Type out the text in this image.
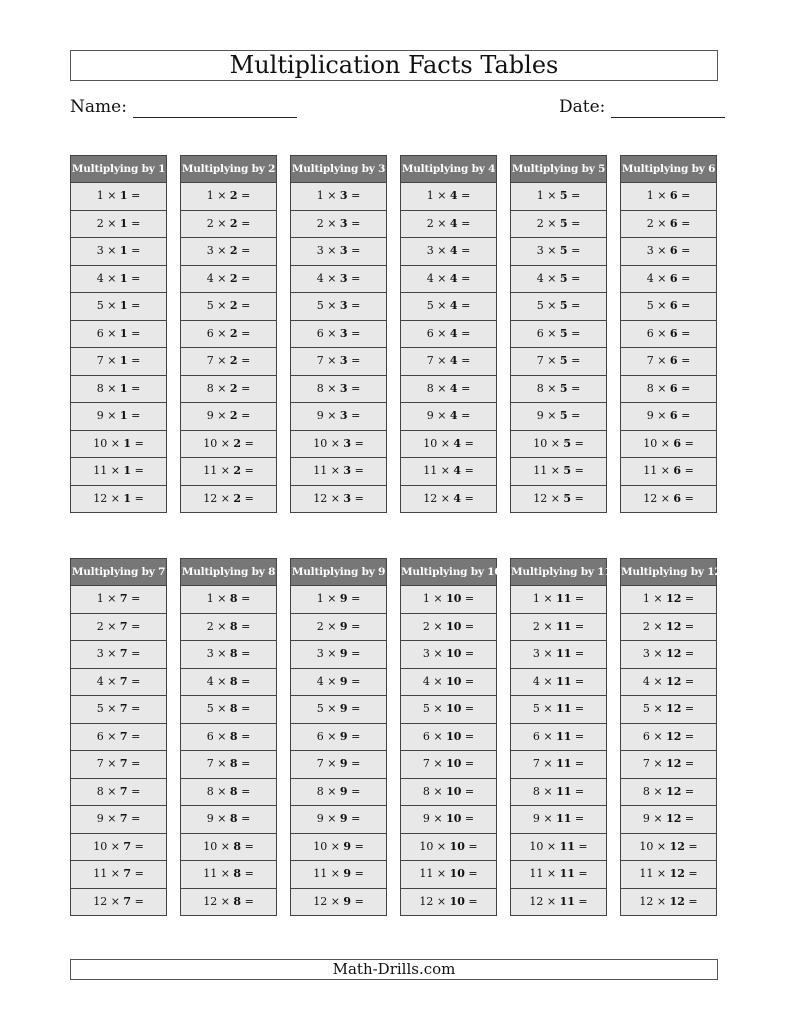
Multiplication Facts Tables
Name:	Date:
Multiplying by 1
1 × 1 =
2 × 1 =
3 × 1 =
4 × 1 =
5 × 1 =
6 × 1 =
7 × 1 =
8 × 1 =
9 × 1 =
10 × 1 =
11 × 1 =
12 × 1 =
Multiplying by 2
1 × 2 =
2 × 2 =
3 × 2 =
4 × 2 =
5 × 2 =
6 × 2 =
7 × 2 =
8 × 2 =
9 × 2 =
10 × 2 =
11 × 2 =
12 × 2 =
Multiplying by 3
1 × 3 =
2 × 3 =
3 × 3 =
4 × 3 =
5 × 3 =
6 × 3 =
7 × 3 =
8 × 3 =
9 × 3 =
10 × 3 =
11 × 3 =
12 × 3 =
Multiplying by 4
1 × 4 =
2 × 4 =
3 × 4 =
4 × 4 =
5 × 4 =
6 × 4 =
7 × 4 =
8 × 4 =
9 × 4 =
10 × 4 =
11 × 4 =
12 × 4 =
Multiplying by 5
1 × 5 =
2 × 5 =
3 × 5 =
4 × 5 =
5 × 5 =
6 × 5 =
7 × 5 =
8 × 5 =
9 × 5 =
10 × 5 =
11 × 5 =
12 × 5 =
Multiplying by 6
1 × 6 =
2 × 6 =
3 × 6 =
4 × 6 =
5 × 6 =
6 × 6 =
7 × 6 =
8 × 6 =
9 × 6 =
10 × 6 =
11 × 6 =
12 × 6 =
Multiplying by 7
1 × 7 =
2 × 7 =
3 × 7 =
4 × 7 =
5 × 7 =
6 × 7 =
7 × 7 =
8 × 7 =
9 × 7 =
10 × 7 =
11 × 7 =
12 × 7 =
Multiplying by 8
1 × 8 =
2 × 8 =
3 × 8 =
4 × 8 =
5 × 8 =
6 × 8 =
7 × 8 =
8 × 8 =
9 × 8 =
10 × 8 =
11 × 8 =
12 × 8 =
Multiplying by 9
1 × 9 =
2 × 9 =
3 × 9 =
4 × 9 =
5 × 9 =
6 × 9 =
7 × 9 =
8 × 9 =
9 × 9 =
10 × 9 =
11 × 9 =
12 × 9 =
Multiplying by 10
1 × 10 =
2 × 10 =
3 × 10 =
4 × 10 =
5 × 10 =
6 × 10 =
7 × 10 =
8 × 10 =
9 × 10 =
10 × 10 =
11 × 10 =
12 × 10 =
Multiplying by 11
1 × 11 =
2 × 11 =
3 × 11 =
4 × 11 =
5 × 11 =
6 × 11 =
7 × 11 =
8 × 11 =
9 × 11 =
10 × 11 =
11 × 11 =
12 × 11 =
Multiplying by 12
1 × 12 =
2 × 12 =
3 × 12 =
4 × 12 =
5 × 12 =
6 × 12 =
7 × 12 =
8 × 12 =
9 × 12 =
10 × 12 =
11 × 12 =
12 × 12 =
Math-Drills.com
